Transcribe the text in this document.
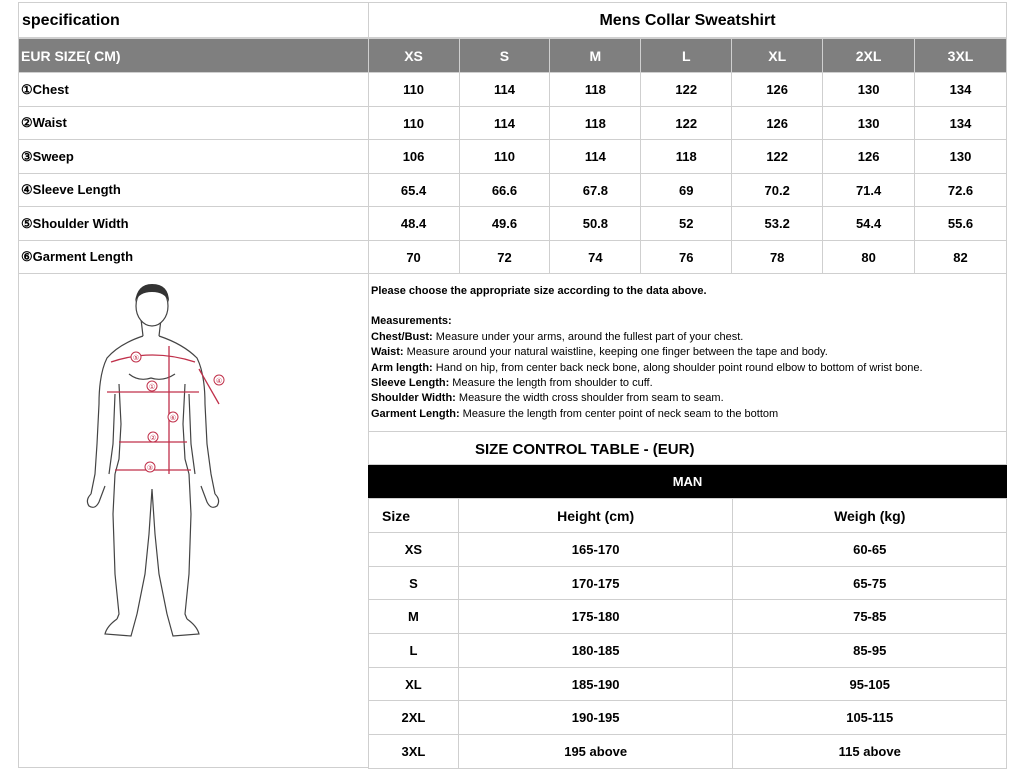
specification	Mens Collar Sweatshirt
EUR SIZE( CM)	XS	S	M	L	XL	2XL	3XL
①Chest	110	114	118	122	126	130	134
②Waist	110	114	118	122	126	130	134
③Sweep	106	110	114	118	122	126	130
④Sleeve Length	65.4	66.6	67.8	69	70.2	71.4	72.6
⑤Shoulder Width	48.4	49.6	50.8	52	53.2	54.4	55.6
⑥Garment Length	70	72	74	76	78	80	82
⑤
①
④
⑥
②
③
Please choose the appropriate size according to the data above.
Measurements:
Chest/Bust: Measure under your arms, around the fullest part of your chest.
Waist: Measure around your natural waistline, keeping one finger between the tape and body.
Arm length: Hand on hip, from center back neck bone, along shoulder point round elbow to bottom of wrist bone.
Sleeve Length: Measure the length from shoulder to cuff.
Shoulder Width: Measure the width cross shoulder from seam to seam.
Garment Length: Measure the length from center point of neck seam to the bottom
SIZE CONTROL TABLE - (EUR)
MAN
Size	Height (cm)	Weigh (kg)
XS	165-170	60-65
S	170-175	65-75
M	175-180	75-85
L	180-185	85-95
XL	185-190	95-105
2XL	190-195	105-115
3XL	195 above	115 above
